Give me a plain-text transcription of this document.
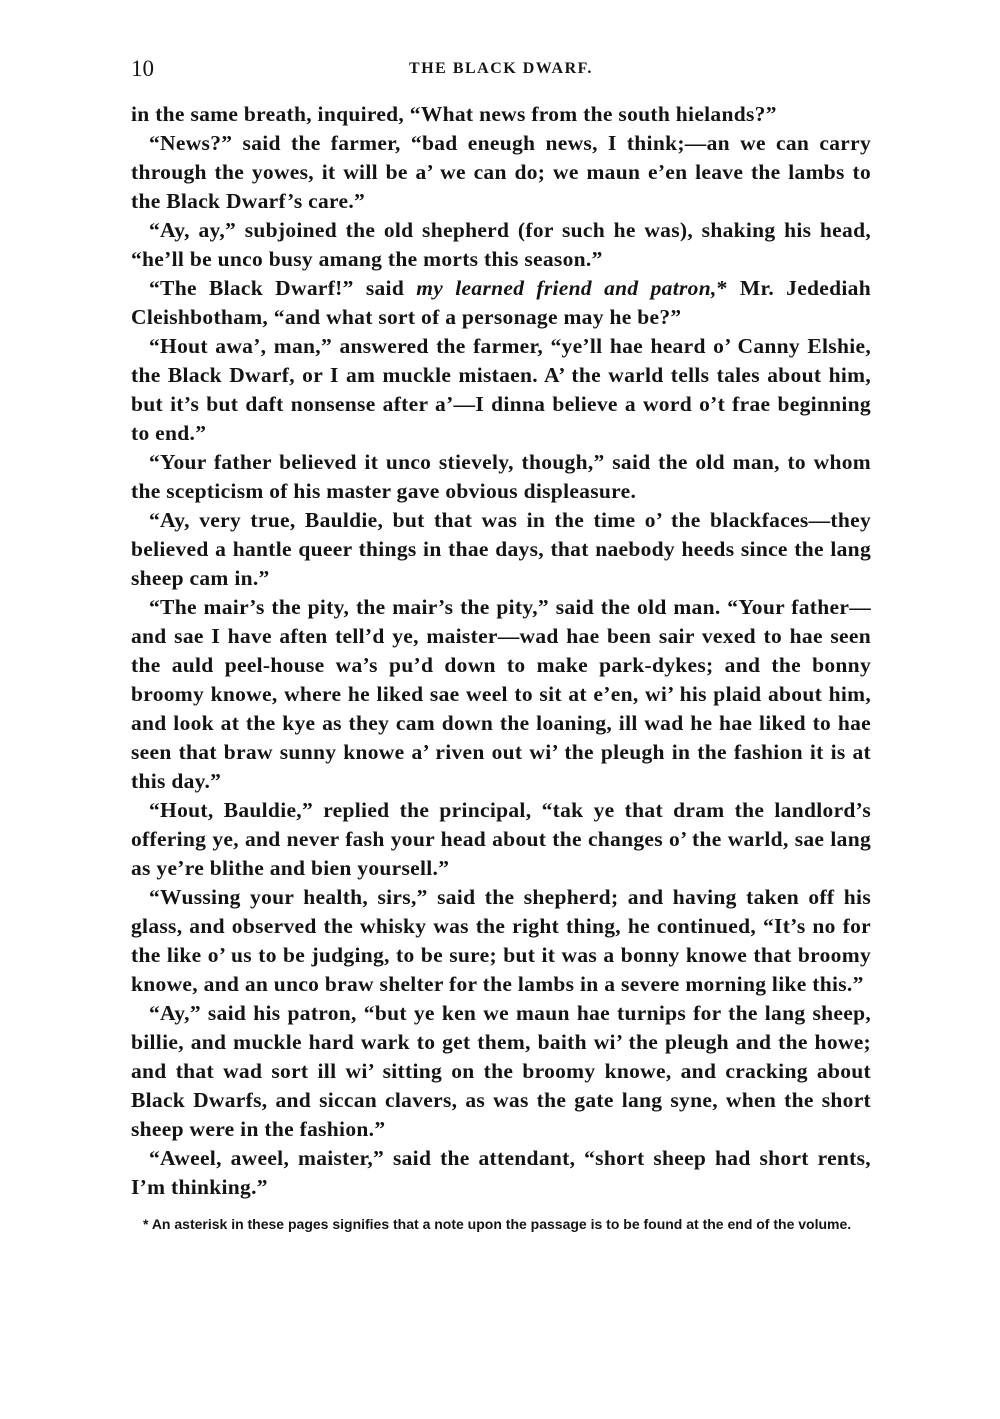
10	THE BLACK DWARF.

in the same breath, inquired, “What news from the south hielands?”

“News?” said the farmer, “bad eneugh news, I think;—an we can carry through the yowes, it will be a’ we can do; we maun e’en leave the lambs to the Black Dwarf’s care.”

“Ay, ay,” subjoined the old shepherd (for such he was), shaking his head, “he’ll be unco busy amang the morts this season.”

“The Black Dwarf!” said my learned friend and patron,* Mr. Jedediah Cleishbotham, “and what sort of a personage may he be?”

“Hout awa’, man,” answered the farmer, “ye’ll hae heard o’ Canny Elshie, the Black Dwarf, or I am muckle mistaen. A’ the warld tells tales about him, but it’s but daft nonsense after a’—I dinna believe a word o’t frae beginning to end.”

“Your father believed it unco stievely, though,” said the old man, to whom the scepticism of his master gave obvious displeasure.

“Ay, very true, Bauldie, but that was in the time o’ the blackfaces—they believed a hantle queer things in thae days, that naebody heeds since the lang sheep cam in.”

“The mair’s the pity, the mair’s the pity,” said the old man. “Your father—and sae I have aften tell’d ye, maister—wad hae been sair vexed to hae seen the auld peel-house wa’s pu’d down to make park-dykes; and the bonny broomy knowe, where he liked sae weel to sit at e’en, wi’ his plaid about him, and look at the kye as they cam down the loaning, ill wad he hae liked to hae seen that braw sunny knowe a’ riven out wi’ the pleugh in the fashion it is at this day.”

“Hout, Bauldie,” replied the principal, “tak ye that dram the landlord’s offering ye, and never fash your head about the changes o’ the warld, sae lang as ye’re blithe and bien yoursell.”

“Wussing your health, sirs,” said the shepherd; and having taken off his glass, and observed the whisky was the right thing, he continued, “It’s no for the like o’ us to be judging, to be sure; but it was a bonny knowe that broomy knowe, and an unco braw shelter for the lambs in a severe morning like this.”

“Ay,” said his patron, “but ye ken we maun hae turnips for the lang sheep, billie, and muckle hard wark to get them, baith wi’ the pleugh and the howe; and that wad sort ill wi’ sitting on the broomy knowe, and cracking about Black Dwarfs, and siccan clavers, as was the gate lang syne, when the short sheep were in the fashion.”

“Aweel, aweel, maister,” said the attendant, “short sheep had short rents, I’m thinking.”

* An asterisk in these pages signifies that a note upon the passage is to be found at the end of the volume.
